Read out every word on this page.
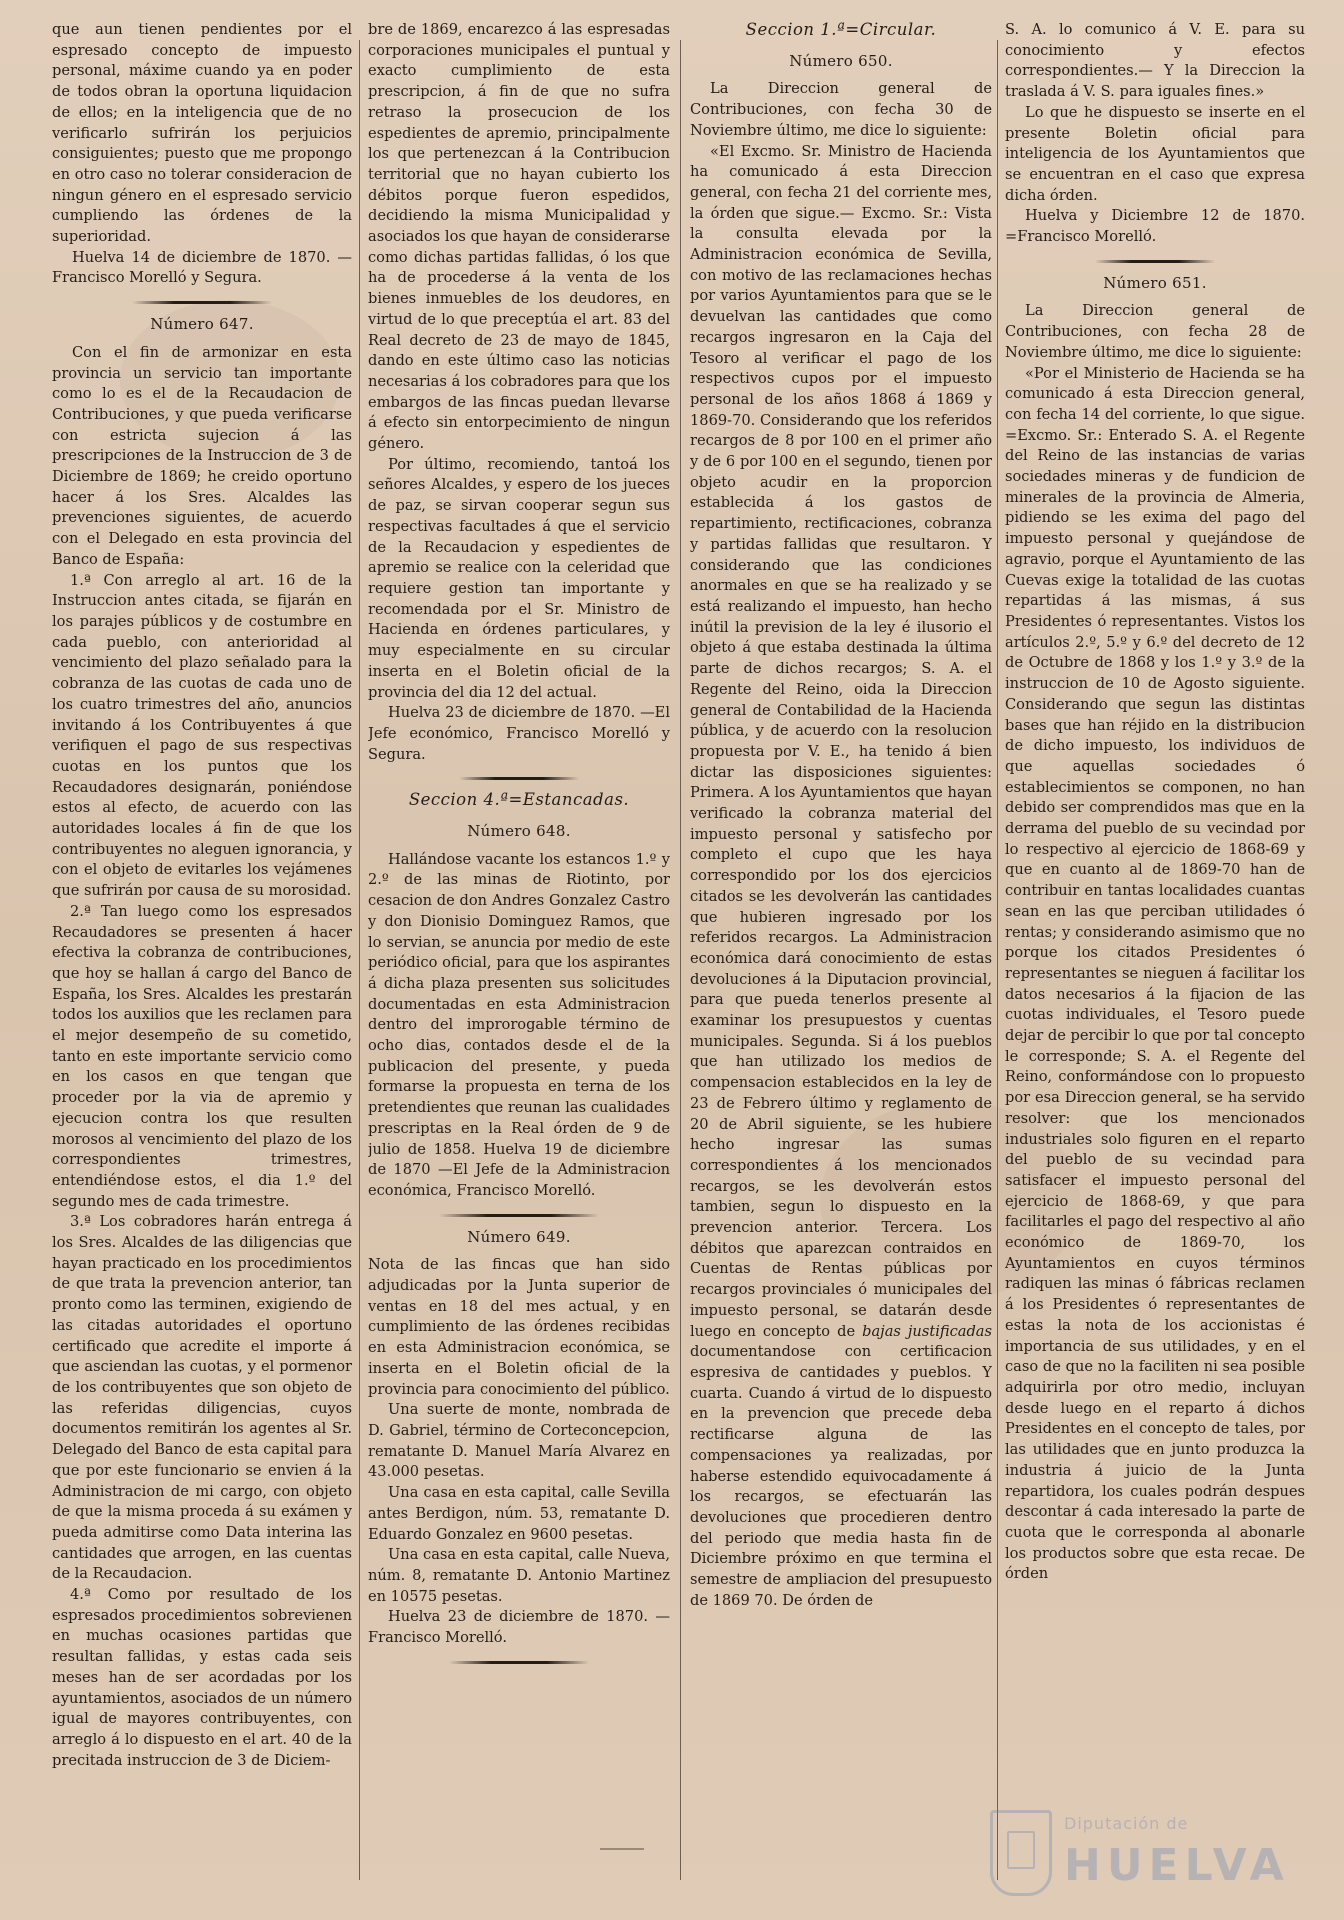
que aun tienen pendientes por el espresado concepto de impuesto personal, máxime cuando ya en poder de todos obran la oportuna liquidacion de ellos; en la inteligencia que de no verificarlo sufrirán los perjuicios consiguientes; puesto que me propongo en otro caso no tolerar consideracion de ningun género en el espresado servicio cumpliendo las órdenes de la superioridad.

Huelva 14 de diciembre de 1870. —Francisco Morelló y Segura.

Número 647.

Con el fin de armonizar en esta provincia un servicio tan importante como lo es el de la Recaudacion de Contribuciones, y que pueda verificarse con estricta sujecion á las prescripciones de la Instruccion de 3 de Diciembre de 1869; he creido oportuno hacer á los Sres. Alcaldes las prevenciones siguientes, de acuerdo con el Delegado en esta provincia del Banco de España:

1.ª Con arreglo al art. 16 de la Instruccion antes citada, se fijarán en los parajes públicos y de costumbre en cada pueblo, con anterioridad al vencimiento del plazo señalado para la cobranza de las cuotas de cada uno de los cuatro trimestres del año, anuncios invitando á los Contribuyentes á que verifiquen el pago de sus respectivas cuotas en los puntos que los Recaudadores designarán, poniéndose estos al efecto, de acuerdo con las autoridades locales á fin de que los contribuyentes no aleguen ignorancia, y con el objeto de evitarles los vejámenes que sufrirán por causa de su morosidad.

2.ª Tan luego como los espresados Recaudadores se presenten á hacer efectiva la cobranza de contribuciones, que hoy se hallan á cargo del Banco de España, los Sres. Alcaldes les prestarán todos los auxilios que les reclamen para el mejor desempeño de su cometido, tanto en este importante servicio como en los casos en que tengan que proceder por la via de apremio y ejecucion contra los que resulten morosos al vencimiento del plazo de los correspondientes trimestres, entendiéndose estos, el dia 1.º del segundo mes de cada trimestre.

3.ª Los cobradores harán entrega á los Sres. Alcaldes de las diligencias que hayan practicado en los procedimientos de que trata la prevencion anterior, tan pronto como las terminen, exigiendo de las citadas autoridades el oportuno certificado que acredite el importe á que asciendan las cuotas, y el pormenor de los contribuyentes que son objeto de las referidas diligencias, cuyos documentos remitirán los agentes al Sr. Delegado del Banco de esta capital para que por este funcionario se envien á la Administracion de mi cargo, con objeto de que la misma proceda á su exámen y pueda admitirse como Data interina las cantidades que arrogen, en las cuentas de la Recaudacion.

4.ª Como por resultado de los espresados procedimientos sobrevienen en muchas ocasiones partidas que resultan fallidas, y estas cada seis meses han de ser acordadas por los ayuntamientos, asociados de un número igual de mayores contribuyentes, con arreglo á lo dispuesto en el art. 40 de la precitada instruccion de 3 de Diciem-

bre de 1869, encarezco á las espresadas corporaciones municipales el puntual y exacto cumplimiento de esta prescripcion, á fin de que no sufra retraso la prosecucion de los espedientes de apremio, principalmente los que pertenezcan á la Contribucion territorial que no hayan cubierto los débitos porque fueron espedidos, decidiendo la misma Municipalidad y asociados los que hayan de considerarse como dichas partidas fallidas, ó los que ha de procederse á la venta de los bienes inmuebles de los deudores, en virtud de lo que preceptúa el art. 83 del Real decreto de 23 de mayo de 1845, dando en este último caso las noticias necesarias á los cobradores para que los embargos de las fincas puedan llevarse á efecto sin entorpecimiento de ningun género.

Por último, recomiendo, tantoá los señores Alcaldes, y espero de los jueces de paz, se sirvan cooperar segun sus respectivas facultades á que el servicio de la Recaudacion y espedientes de apremio se realice con la celeridad que requiere gestion tan importante y recomendada por el Sr. Ministro de Hacienda en órdenes particulares, y muy especialmente en su circular inserta en el Boletin oficial de la provincia del dia 12 del actual.

Huelva 23 de diciembre de 1870. —El Jefe económico, Francisco Morelló y Segura.

Seccion 4.ª=Estancadas.
Número 648.

Hallándose vacante los estancos 1.º y 2.º de las minas de Riotinto, por cesacion de don Andres Gonzalez Castro y don Dionisio Dominguez Ramos, que lo servian, se anuncia por medio de este periódico oficial, para que los aspirantes á dicha plaza presenten sus solicitudes documentadas en esta Administracion dentro del improrogable término de ocho dias, contados desde el de la publicacion del presente, y pueda formarse la propuesta en terna de los pretendientes que reunan las cualidades prescriptas en la Real órden de 9 de julio de 1858. Huelva 19 de diciembre de 1870 —El Jefe de la Administracion económica, Francisco Morelló.

Número 649.

Nota de las fincas que han sido adjudicadas por la Junta superior de ventas en 18 del mes actual, y en cumplimiento de las órdenes recibidas en esta Administracion económica, se inserta en el Boletin oficial de la provincia para conocimiento del público.

Una suerte de monte, nombrada de D. Gabriel, término de Corteconcepcion, rematante D. Manuel María Alvarez en 43.000 pesetas.

Una casa en esta capital, calle Sevilla antes Berdigon, núm. 53, rematante D. Eduardo Gonzalez en 9600 pesetas.

Una casa en esta capital, calle Nueva, núm. 8, rematante D. Antonio Martinez en 10575 pesetas.

Huelva 23 de diciembre de 1870. —Francisco Morelló.

Seccion 1.ª=Circular.
Número 650.

La Direccion general de Contribuciones, con fecha 30 de Noviembre último, me dice lo siguiente:

«El Excmo. Sr. Ministro de Hacienda ha comunicado á esta Direccion general, con fecha 21 del corriente mes, la órden que sigue.— Excmo. Sr.: Vista la consulta elevada por la Administracion económica de Sevilla, con motivo de las reclamaciones hechas por varios Ayuntamientos para que se le devuelvan las cantidades que como recargos ingresaron en la Caja del Tesoro al verificar el pago de los respectivos cupos por el impuesto personal de los años 1868 á 1869 y 1869-70. Considerando que los referidos recargos de 8 por 100 en el primer año y de 6 por 100 en el segundo, tienen por objeto acudir en la proporcion establecida á los gastos de repartimiento, rectificaciones, cobranza y partidas fallidas que resultaron. Y considerando que las condiciones anormales en que se ha realizado y se está realizando el impuesto, han hecho inútil la prevision de la ley é ilusorio el objeto á que estaba destinada la última parte de dichos recargos; S. A. el Regente del Reino, oida la Direccion general de Contabilidad de la Hacienda pública, y de acuerdo con la resolucion propuesta por V. E., ha tenido á bien dictar las disposiciones siguientes: Primera. A los Ayuntamientos que hayan verificado la cobranza material del impuesto personal y satisfecho por completo el cupo que les haya correspondido por los dos ejercicios citados se les devolverán las cantidades que hubieren ingresado por los referidos recargos. La Administracion económica dará conocimiento de estas devoluciones á la Diputacion provincial, para que pueda tenerlos presente al examinar los presupuestos y cuentas municipales. Segunda. Si á los pueblos que han utilizado los medios de compensacion establecidos en la ley de 23 de Febrero último y reglamento de 20 de Abril siguiente, se les hubiere hecho ingresar las sumas correspondientes á los mencionados recargos, se les devolverán estos tambien, segun lo dispuesto en la prevencion anterior. Tercera. Los débitos que aparezcan contraidos en Cuentas de Rentas públicas por recargos provinciales ó municipales del impuesto personal, se datarán desde luego en concepto de bajas justificadas documentandose con certificacion espresiva de cantidades y pueblos. Y cuarta. Cuando á virtud de lo dispuesto en la prevencion que precede deba rectificarse alguna de las compensaciones ya realizadas, por haberse estendido equivocadamente á los recargos, se efectuarán las devoluciones que procedieren dentro del periodo que media hasta fin de Diciembre próximo en que termina el semestre de ampliacion del presupuesto de 1869 70. De órden de

S. A. lo comunico á V. E. para su conocimiento y efectos correspondientes.— Y la Direccion la traslada á V. S. para iguales fines.»

Lo que he dispuesto se inserte en el presente Boletin oficial para inteligencia de los Ayuntamientos que se encuentran en el caso que expresa dicha órden.

Huelva y Diciembre 12 de 1870. =Francisco Morelló.

Número 651.

La Direccion general de Contribuciones, con fecha 28 de Noviembre último, me dice lo siguiente:

«Por el Ministerio de Hacienda se ha comunicado á esta Direccion general, con fecha 14 del corriente, lo que sigue. =Excmo. Sr.: Enterado S. A. el Regente del Reino de las instancias de varias sociedades mineras y de fundicion de minerales de la provincia de Almeria, pidiendo se les exima del pago del impuesto personal y quejándose de agravio, porque el Ayuntamiento de las Cuevas exige la totalidad de las cuotas repartidas á las mismas, á sus Presidentes ó representantes. Vistos los artículos 2.º, 5.º y 6.º del decreto de 12 de Octubre de 1868 y los 1.º y 3.º de la instruccion de 10 de Agosto siguiente. Considerando que segun las distintas bases que han réjido en la distribucion de dicho impuesto, los individuos de que aquellas sociedades ó establecimientos se componen, no han debido ser comprendidos mas que en la derrama del pueblo de su vecindad por lo respectivo al ejercicio de 1868-69 y que en cuanto al de 1869-70 han de contribuir en tantas localidades cuantas sean en las que perciban utilidades ó rentas; y considerando asimismo que no porque los citados Presidentes ó representantes se nieguen á facilitar los datos necesarios á la fijacion de las cuotas individuales, el Tesoro puede dejar de percibir lo que por tal concepto le corresponde; S. A. el Regente del Reino, conformándose con lo propuesto por esa Direccion general, se ha servido resolver: que los mencionados industriales solo figuren en el reparto del pueblo de su vecindad para satisfacer el impuesto personal del ejercicio de 1868-69, y que para facilitarles el pago del respectivo al año económico de 1869-70, los Ayuntamientos en cuyos términos radiquen las minas ó fábricas reclamen á los Presidentes ó representantes de estas la nota de los accionistas é importancia de sus utilidades, y en el caso de que no la faciliten ni sea posible adquirirla por otro medio, incluyan desde luego en el reparto á dichos Presidentes en el concepto de tales, por las utilidades que en junto produzca la industria á juicio de la Junta repartidora, los cuales podrán despues descontar á cada interesado la parte de cuota que le corresponda al abonarle los productos sobre que esta recae. De órden

Diputación de
HUELVA
